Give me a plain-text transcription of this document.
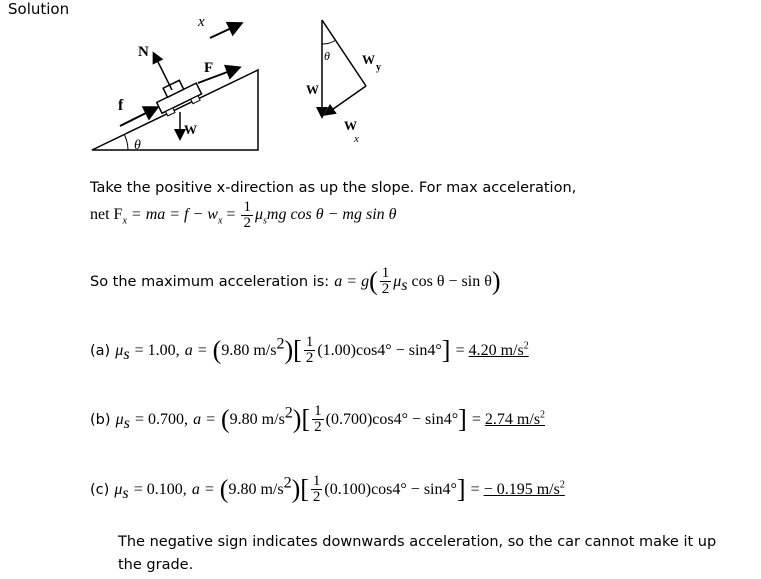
Solution
x
N
F
f
W
θ
θ
W
W
y
W
x
Take the positive x-direction as up the slope. For max acceleration,
net $F_x$ = ma = $f - w_x = \frac{1}{2} \mu_smg$ cos θ − mg sin θ
So the maximum acceleration is: $a = g( \frac{1}{2} \mu_s$ cos θ − sin θ)
(a) $\mu_s = 1.00$, a = (9.80 $m/s^2)[ \frac{1}{2} (1.00)\cos 4^\circ - \sin 4^\circ] = 4.20$ $m/s^2$
(b) $\mu_s = 0.700$, a = (9.80 $m/s^2)[ \frac{1}{2} (0.700)\cos 4^\circ - \sin 4^\circ] = 2.74$ $m/s^2$
(c) $\mu_s = 0.100$, a = (9.80 $m/s^2)[ \frac{1}{2} (0.100)\cos 4^\circ - \sin 4^\circ]$ = − 0.195 $m/s^2$
The negative sign indicates downwards acceleration, so the car cannot make it up the grade.
